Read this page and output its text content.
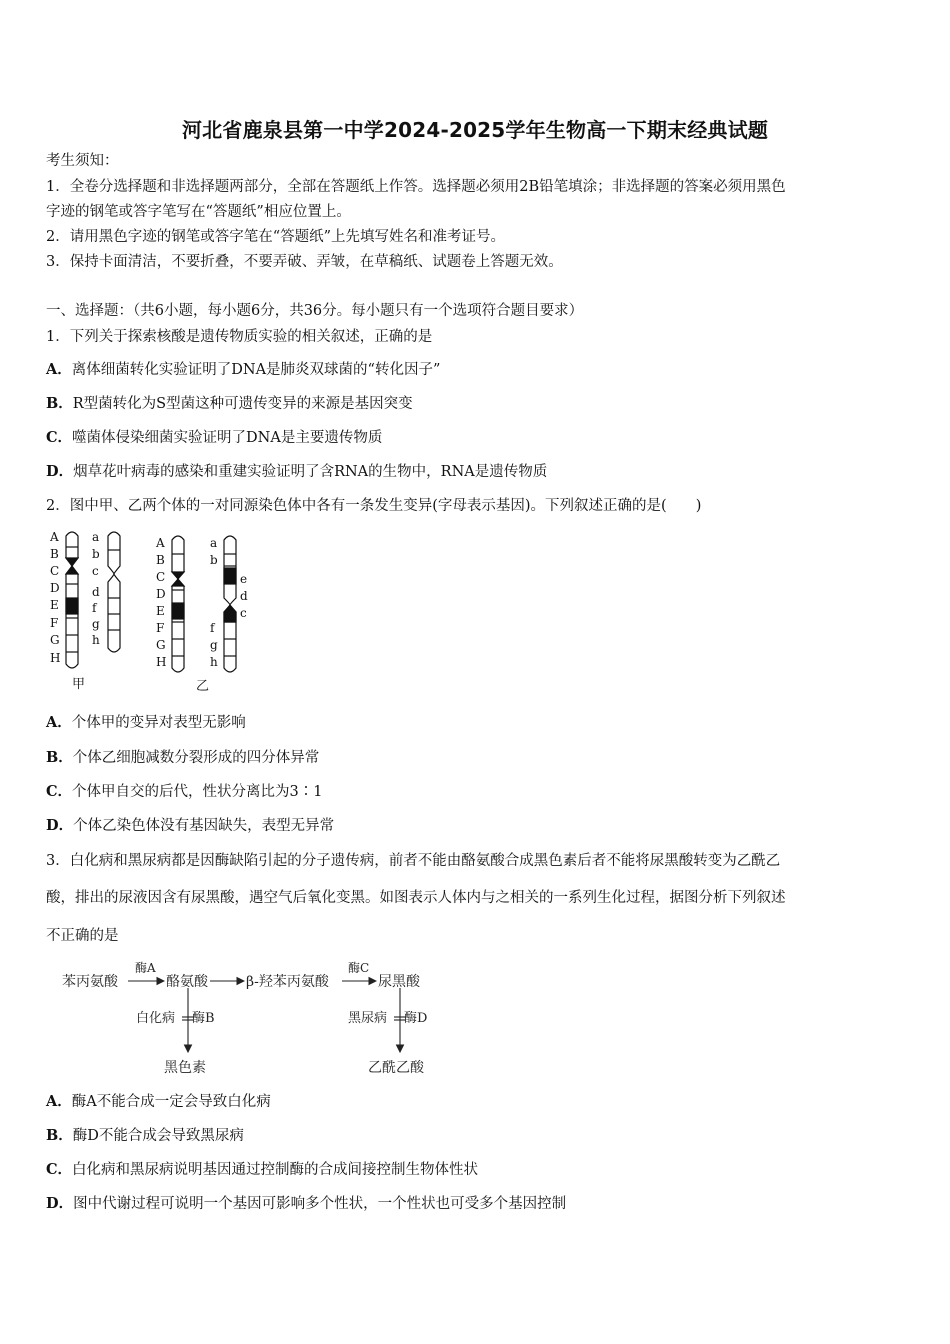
河北省鹿泉县第一中学2024-2025学年生物高一下期末经典试题
考生须知：
1．全卷分选择题和非选择题两部分，全部在答题纸上作答。选择题必须用2B铅笔填涂；非选择题的答案必须用黑色
字迹的钢笔或答字笔写在“答题纸”相应位置上。
2．请用黑色字迹的钢笔或答字笔在“答题纸”上先填写姓名和准考证号。
3．保持卡面清洁，不要折叠，不要弄破、弄皱，在草稿纸、试题卷上答题无效。
一、选择题：（共6小题，每小题6分，共36分。每小题只有一个选项符合题目要求）
1．下列关于探索核酸是遗传物质实验的相关叙述，正确的是
A．离体细菌转化实验证明了DNA是肺炎双球菌的“转化因子”
B．R型菌转化为S型菌这种可遗传变异的来源是基因突变
C．噬菌体侵染细菌实验证明了DNA是主要遗传物质
D．烟草花叶病毒的感染和重建实验证明了含RNA的生物中，RNA是遗传物质
2．图中甲、乙两个体的一对同源染色体中各有一条发生变异(字母表示基因)。下列叙述正确的是(　　)
A
B
C
D
E
F
G
H
a
b
c
d
f
g
h
甲
A
B
C
D
E
F
G
H
a
b
e
d
c
f
g
h
乙
A．个体甲的变异对表型无影响
B．个体乙细胞减数分裂形成的四分体异常
C．个体甲自交的后代，性状分离比为3∶1
D．个体乙染色体没有基因缺失，表型无异常
3．白化病和黑尿病都是因酶缺陷引起的分子遗传病，前者不能由酪氨酸合成黑色素后者不能将尿黑酸转变为乙酰乙
酸，排出的尿液因含有尿黑酸，遇空气后氧化变黑。如图表示人体内与之相关的一系列生化过程，据图分析下列叙述
不正确的是
苯丙氨酸
酶A
酪氨酸	β-羟苯丙氨酸
酶C
尿黑酸
白化病 酶B
黑色素
黑尿病 酶D
乙酰乙酸
A．酶A不能合成一定会导致白化病
B．酶D不能合成会导致黑尿病
C．白化病和黑尿病说明基因通过控制酶的合成间接控制生物体性状
D．图中代谢过程可说明一个基因可影响多个性状，一个性状也可受多个基因控制
